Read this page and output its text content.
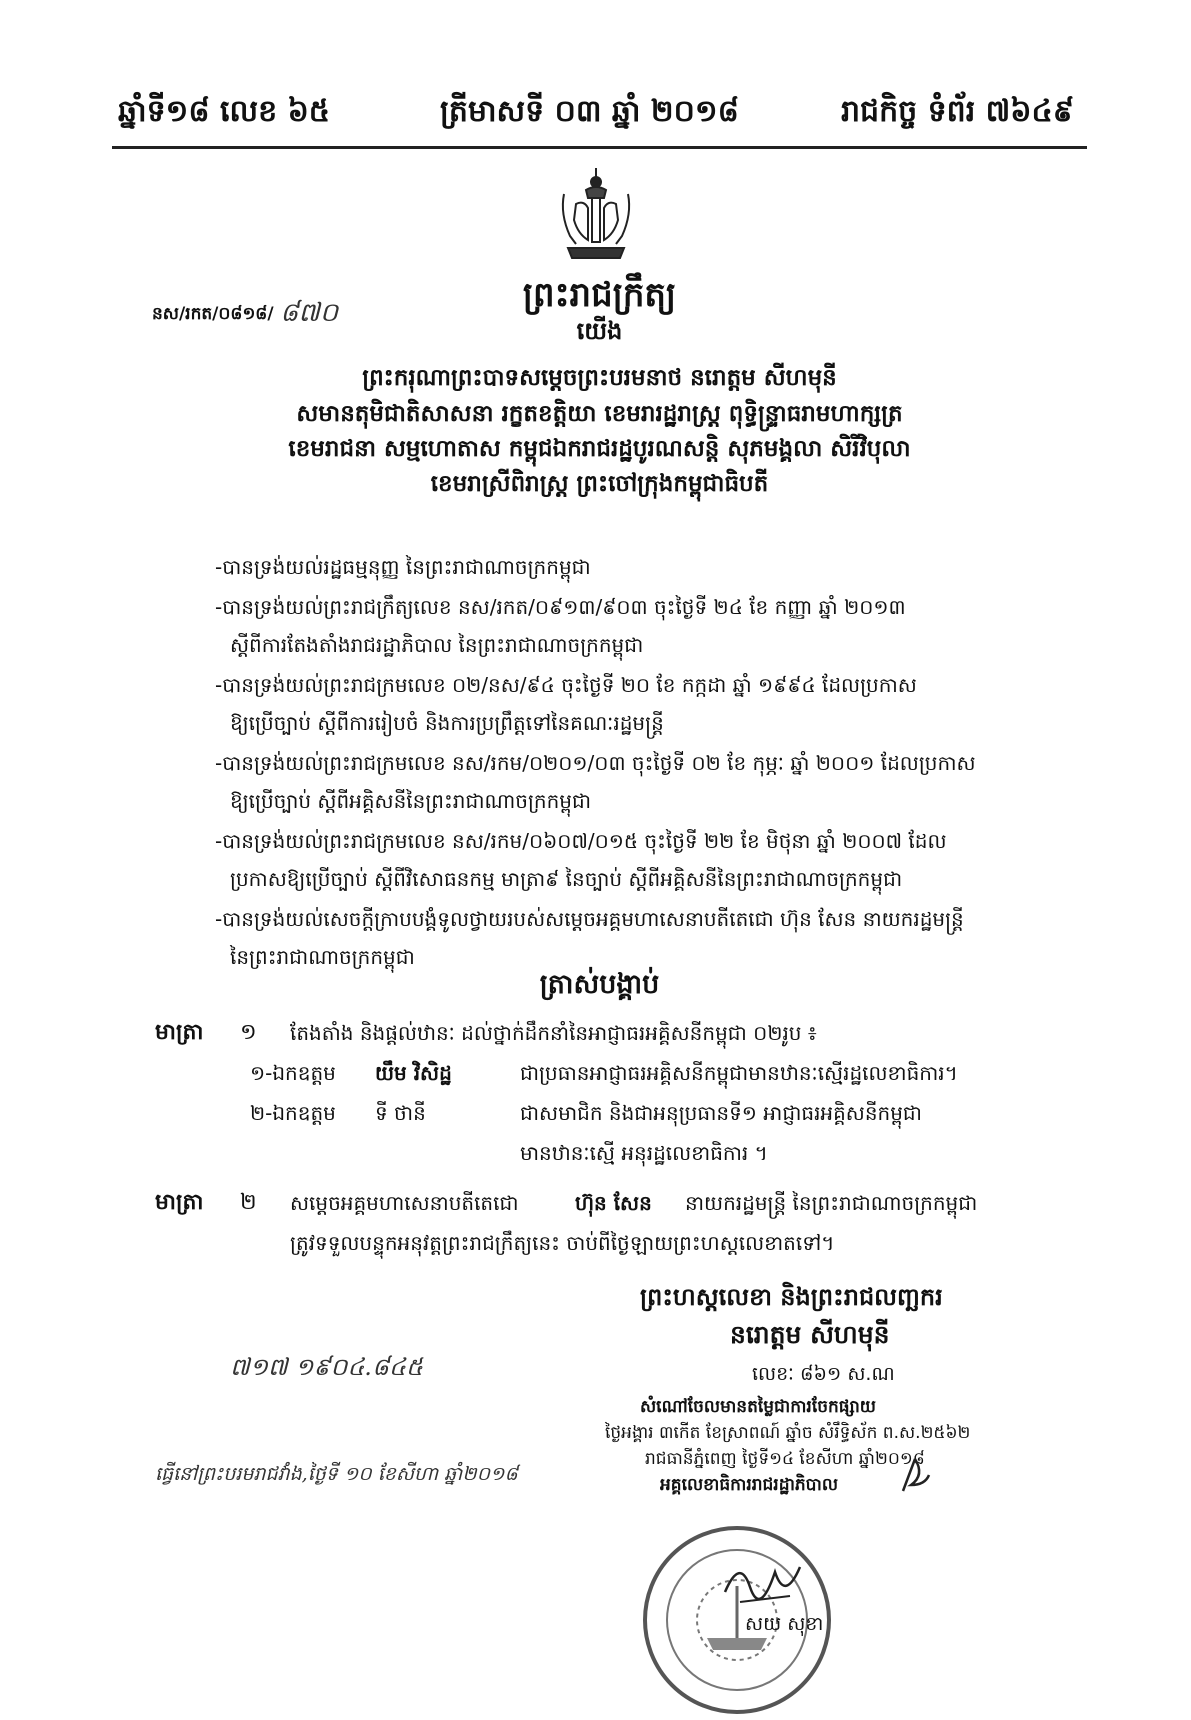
ឆ្នាំទី១៨ លេខ ៦៥	ត្រីមាសទី ០៣ ឆ្នាំ ២០១៨	រាជកិច្ច ទំព័រ ៧៦៤៩
ព្រះរាជក្រឹត្យ
នស/រកត/០៨១៨/ ៨៧០
យើង
ព្រះករុណាព្រះបាទសម្តេចព្រះបរមនាថ នរោត្តម សីហមុនី
សមានតុមិជាតិសាសនា រក្ខតខត្តិយា ខេមរារដ្ឋរាស្ត្រ ពុទ្ធិន្ទ្រាធរាមហាក្សត្រ
ខេមរាជនា សម្មហោតាស កម្ពុជឯករាជរដ្ឋបូរណសន្តិ សុភមង្គលា សិរីវិបុលា
ខេមរាស្រីពិរាស្ត្រ ព្រះចៅក្រុងកម្ពុជាធិបតី
-បានទ្រង់យល់រដ្ឋធម្មនុញ្ញ នៃព្រះរាជាណាចក្រកម្ពុជា
-បានទ្រង់យល់ព្រះរាជក្រឹត្យលេខ នស/រកត/០៩១៣/៩០៣ ចុះថ្ងៃទី ២៤ ខែ កញ្ញា ឆ្នាំ ២០១៣
ស្តីពីការតែងតាំងរាជរដ្ឋាភិបាល នៃព្រះរាជាណាចក្រកម្ពុជា
-បានទ្រង់យល់ព្រះរាជក្រមលេខ ០២/នស/៩៤ ចុះថ្ងៃទី ២០ ខែ កក្កដា ឆ្នាំ ១៩៩៤ ដែលប្រកាស
ឱ្យប្រើច្បាប់ ស្តីពីការរៀបចំ និងការប្រព្រឹត្តទៅនៃគណៈរដ្ឋមន្ត្រី
-បានទ្រង់យល់ព្រះរាជក្រមលេខ នស/រកម/០២០១/០៣ ចុះថ្ងៃទី ០២ ខែ កុម្ភៈ ឆ្នាំ ២០០១ ដែលប្រកាស
ឱ្យប្រើច្បាប់ ស្តីពីអគ្គិសនីនៃព្រះរាជាណាចក្រកម្ពុជា
-បានទ្រង់យល់ព្រះរាជក្រមលេខ នស/រកម/០៦០៧/០១៥ ចុះថ្ងៃទី ២២ ខែ មិថុនា ឆ្នាំ ២០០៧ ដែល
ប្រកាសឱ្យប្រើច្បាប់ ស្តីពីវិសោធនកម្ម មាត្រា៩ នៃច្បាប់ ស្តីពីអគ្គិសនីនៃព្រះរាជាណាចក្រកម្ពុជា
-បានទ្រង់យល់សេចក្តីក្រាបបង្គំទូលថ្វាយរបស់សម្តេចអគ្គមហាសេនាបតីតេជោ ហ៊ុន សែន នាយករដ្ឋមន្ត្រី
នៃព្រះរាជាណាចក្រកម្ពុជា
ត្រាស់បង្គាប់
មាត្រា ១ តែងតាំង និងផ្តល់ឋានៈ ដល់ថ្នាក់ដឹកនាំនៃអាជ្ញាធរអគ្គិសនីកម្ពុជា ០២រូប ៖
១-ឯកឧត្តម យឹម វិសិដ្ឋ	ជាប្រធានអាជ្ញាធរអគ្គិសនីកម្ពុជាមានឋានៈស្មើរដ្ឋលេខាធិការ។
២-ឯកឧត្តម ទី ថានី	ជាសមាជិក និងជាអនុប្រធានទី១ អាជ្ញាធរអគ្គិសនីកម្ពុជា
មានឋានៈស្មើ អនុរដ្ឋលេខាធិការ ។
មាត្រា ២ សម្តេចអគ្គមហាសេនាបតីតេជោ	ហ៊ុន សែន នាយករដ្ឋមន្ត្រី នៃព្រះរាជាណាចក្រកម្ពុជា
ត្រូវទទួលបន្ទុកអនុវត្តព្រះរាជក្រឹត្យនេះ ចាប់ពីថ្ងៃឡាយព្រះហស្តលេខាតទៅ។
ព្រះហស្តលេខា និងព្រះរាជលញ្ឆករ
នរោត្តម សីហមុនី
៧១៧ ១៩០៤.៨៤៥	លេខៈ ៨៦១ ស.ណ
សំណៅចែលមានតម្លៃជាការចែកផ្សាយ
ថ្ងៃអង្គារ ៣កើត ខែស្រាពណ៍ ឆ្នាំច សំរឹទ្ធិស័ក ព.ស.២៥៦២
រាជធានីភ្នំពេញ ថ្ងៃទី១៤ ខែសីហា ឆ្នាំ២០១៨
អគ្គលេខាធិការរាជរដ្ឋាភិបាល
ធ្វើនៅព្រះបរមរាជវាំង,ថ្ងៃទី ១០ ខែសីហា ឆ្នាំ២០១៨
សយ សុខា
